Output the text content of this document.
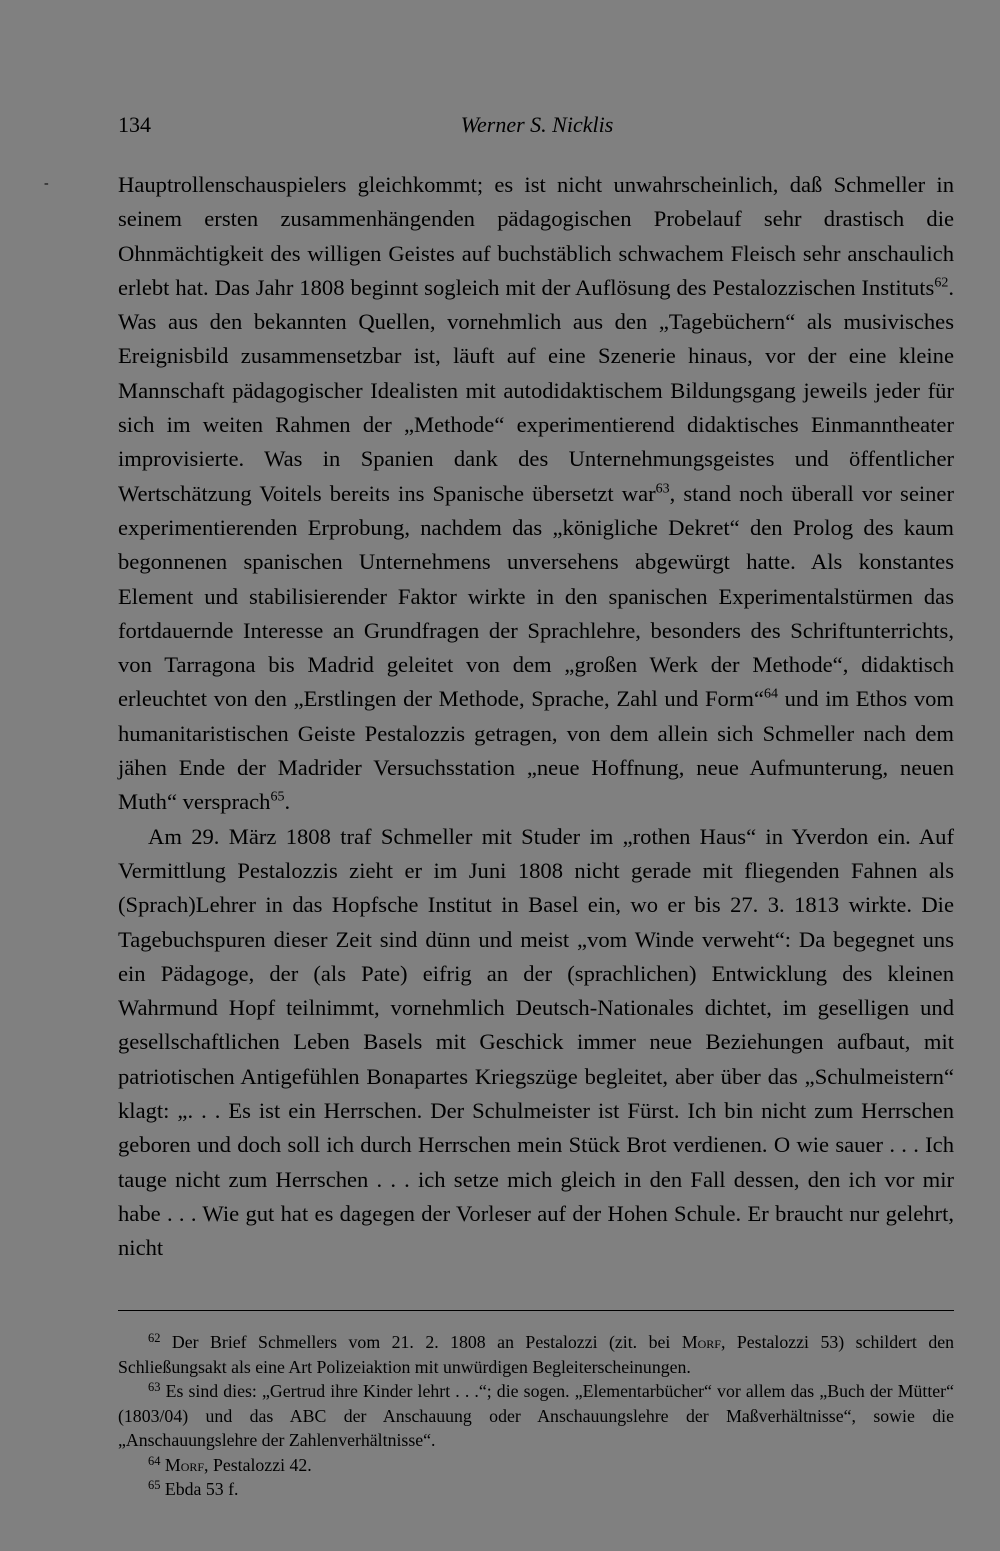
-
134	Werner S. Nicklis

Hauptrollenschauspielers gleichkommt; es ist nicht unwahrscheinlich, daß Schmeller in seinem ersten zusammenhängenden pädagogischen Probelauf sehr drastisch die Ohnmächtigkeit des willigen Geistes auf buchstäblich schwachem Fleisch sehr anschaulich erlebt hat. Das Jahr 1808 beginnt sogleich mit der Auflösung des Pestalozzischen Instituts$^{62}$. Was aus den bekannten Quellen, vornehmlich aus den „Tagebüchern“ als musivisches Ereignisbild zusammensetzbar ist, läuft auf eine Szenerie hinaus, vor der eine kleine Mannschaft pädagogischer Idealisten mit autodidaktischem Bildungsgang jeweils jeder für sich im weiten Rahmen der „Methode“ experimentierend didaktisches Einmanntheater improvisierte. Was in Spanien dank des Unternehmungsgeistes und öffentlicher Wertschätzung Voitels bereits ins Spanische übersetzt war$^{63}$, stand noch überall vor seiner experimentierenden Erprobung, nachdem das „königliche Dekret“ den Prolog des kaum begonnenen spanischen Unternehmens unversehens abgewürgt hatte. Als konstantes Element und stabilisierender Faktor wirkte in den spanischen Experimentalstürmen das fortdauernde Interesse an Grundfragen der Sprachlehre, besonders des Schriftunterrichts, von Tarragona bis Madrid geleitet von dem „großen Werk der Methode“, didaktisch erleuchtet von den „Erstlingen der Methode, Sprache, Zahl und Form“$^{64}$ und im Ethos vom humanitaristischen Geiste Pestalozzis getragen, von dem allein sich Schmeller nach dem jähen Ende der Madrider Versuchsstation „neue Hoffnung, neue Aufmunterung, neuen Muth“ versprach$^{65}$.

Am 29. März 1808 traf Schmeller mit Studer im „rothen Haus“ in Yverdon ein. Auf Vermittlung Pestalozzis zieht er im Juni 1808 nicht gerade mit fliegenden Fahnen als (Sprach)Lehrer in das Hopfsche Institut in Basel ein, wo er bis 27. 3. 1813 wirkte. Die Tagebuchspuren dieser Zeit sind dünn und meist „vom Winde verweht“: Da begegnet uns ein Pädagoge, der (als Pate) eifrig an der (sprachlichen) Entwicklung des kleinen Wahrmund Hopf teilnimmt, vornehmlich Deutsch-Nationales dichtet, im geselligen und gesellschaftlichen Leben Basels mit Geschick immer neue Beziehungen aufbaut, mit patriotischen Antigefühlen Bonapartes Kriegszüge begleitet, aber über das „Schulmeistern“ klagt: „. . . Es ist ein Herrschen. Der Schulmeister ist Fürst. Ich bin nicht zum Herrschen geboren und doch soll ich durch Herrschen mein Stück Brot verdienen. O wie sauer . . . Ich tauge nicht zum Herrschen . . . ich setze mich gleich in den Fall dessen, den ich vor mir habe . . . Wie gut hat es dagegen der Vorleser auf der Hohen Schule. Er braucht nur gelehrt, nicht

$^{62}$ Der Brief Schmellers vom 21. 2. 1808 an Pestalozzi (zit. bei Morf, Pestalozzi 53) schildert den Schließungsakt als eine Art Polizeiaktion mit unwürdigen Begleiterscheinungen.

$^{63}$ Es sind dies: „Gertrud ihre Kinder lehrt . . .“; die sogen. „Elementarbücher“ vor allem das „Buch der Mütter“ (1803/04) und das ABC der Anschauung oder Anschauungslehre der Maßverhältnisse“, sowie die „Anschauungslehre der Zahlenverhältnisse“.

$^{64}$ Morf, Pestalozzi 42.

$^{65}$ Ebda 53 f.
